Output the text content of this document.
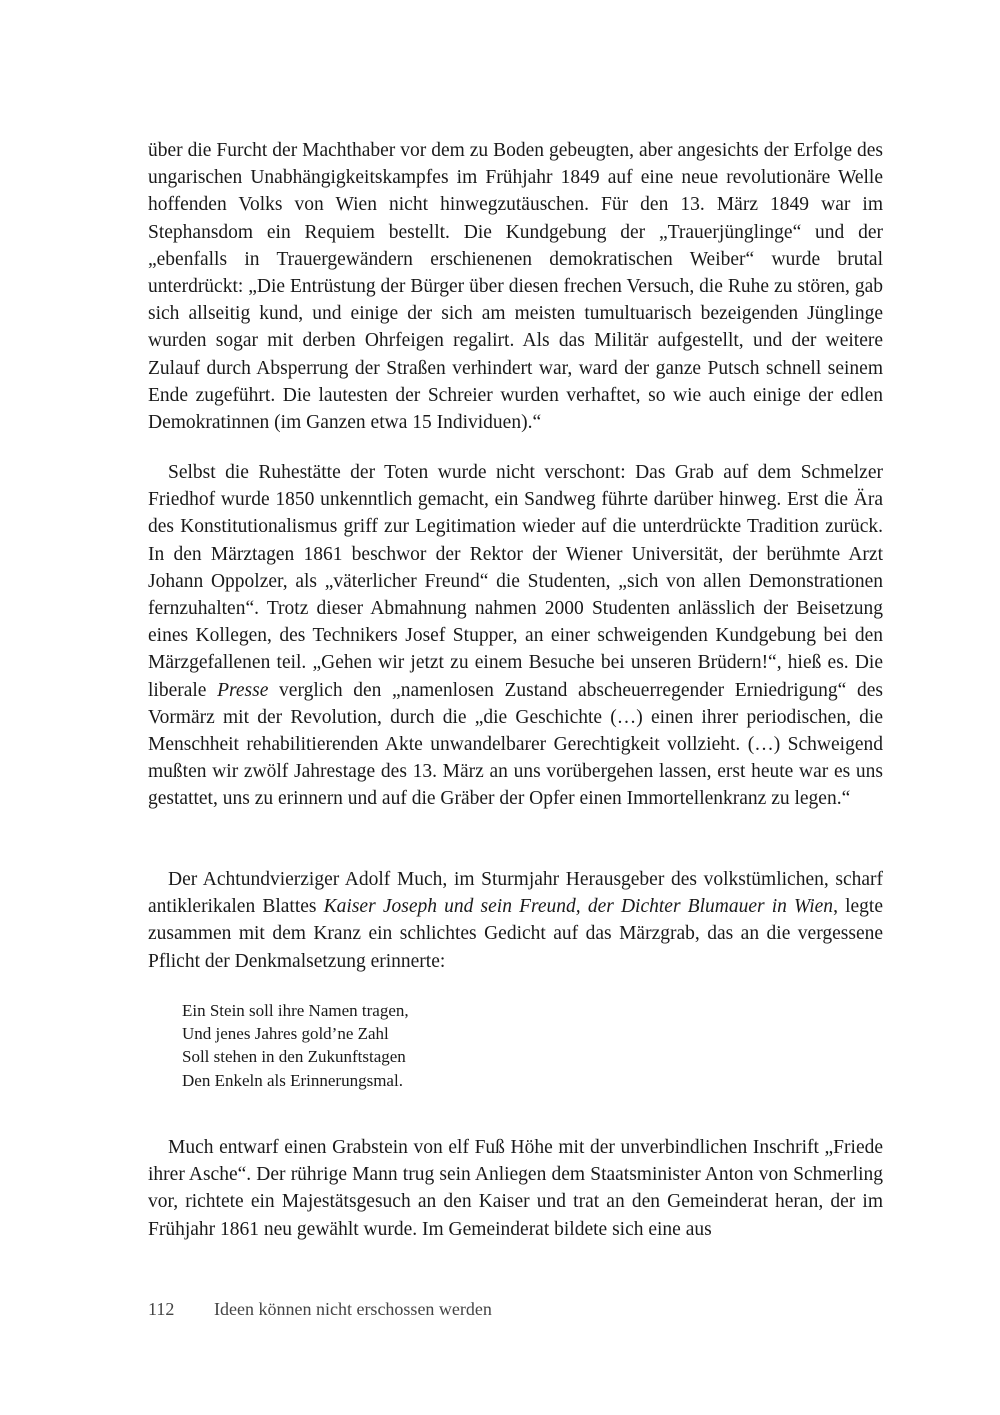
über die Furcht der Machthaber vor dem zu Boden gebeugten, aber angesichts der Erfolge des ungarischen Unabhängigkeitskampfes im Frühjahr 1849 auf eine neue revolutionäre Welle hoffenden Volks von Wien nicht hinwegzutäuschen. Für den 13. März 1849 war im Stephansdom ein Requiem bestellt. Die Kundgebung der „Trauerjünglinge“ und der „ebenfalls in Trauergewändern erschienenen demokratischen Weiber“ wurde brutal unterdrückt: „Die Entrüstung der Bürger über diesen frechen Versuch, die Ruhe zu stören, gab sich allseitig kund, und einige der sich am meisten tumultuarisch bezeigenden Jünglinge wurden sogar mit derben Ohrfeigen regalirt. Als das Militär aufgestellt, und der weitere Zulauf durch Absperrung der Straßen verhindert war, ward der ganze Putsch schnell seinem Ende zugeführt. Die lautesten der Schreier wurden verhaftet, so wie auch einige der edlen Demokratinnen (im Ganzen etwa 15 Individuen).“

Selbst die Ruhestätte der Toten wurde nicht verschont: Das Grab auf dem Schmelzer Friedhof wurde 1850 unkenntlich gemacht, ein Sandweg führte darüber hinweg. Erst die Ära des Konstitutionalismus griff zur Legitimation wieder auf die unterdrückte Tradition zurück. In den Märztagen 1861 beschwor der Rektor der Wiener Universität, der berühmte Arzt Johann Oppolzer, als „väterlicher Freund“ die Studenten, „sich von allen Demonstrationen fernzuhalten“. Trotz dieser Abmahnung nahmen 2000 Studenten anlässlich der Beisetzung eines Kollegen, des Technikers Josef Stupper, an einer schweigenden Kundgebung bei den Märzgefallenen teil. „Gehen wir jetzt zu einem Besuche bei unseren Brüdern!“, hieß es. Die liberale Presse verglich den „namenlosen Zustand abscheuerregender Erniedrigung“ des Vormärz mit der Revolution, durch die „die Geschichte (…) einen ihrer periodischen, die Menschheit rehabilitierenden Akte unwandelbarer Gerechtigkeit vollzieht. (…) Schweigend mußten wir zwölf Jahrestage des 13. März an uns vorübergehen lassen, erst heute war es uns gestattet, uns zu erinnern und auf die Gräber der Opfer einen Immortellenkranz zu legen.“

Der Achtundvierziger Adolf Much, im Sturmjahr Herausgeber des volkstümlichen, scharf antiklerikalen Blattes Kaiser Joseph und sein Freund, der Dichter Blumauer in Wien, legte zusammen mit dem Kranz ein schlichtes Gedicht auf das Märzgrab, das an die vergessene Pflicht der Denkmalsetzung erinnerte:

Ein Stein soll ihre Namen tragen,
Und jenes Jahres gold’ne Zahl
Soll stehen in den Zukunftstagen
Den Enkeln als Erinnerungsmal.

Much entwarf einen Grabstein von elf Fuß Höhe mit der unverbindlichen Inschrift „Friede ihrer Asche“. Der rührige Mann trug sein Anliegen dem Staatsminister Anton von Schmerling vor, richtete ein Majestätsgesuch an den Kaiser und trat an den Gemeinderat heran, der im Frühjahr 1861 neu gewählt wurde. Im Gemeinderat bildete sich eine aus

112 Ideen können nicht erschossen werden
